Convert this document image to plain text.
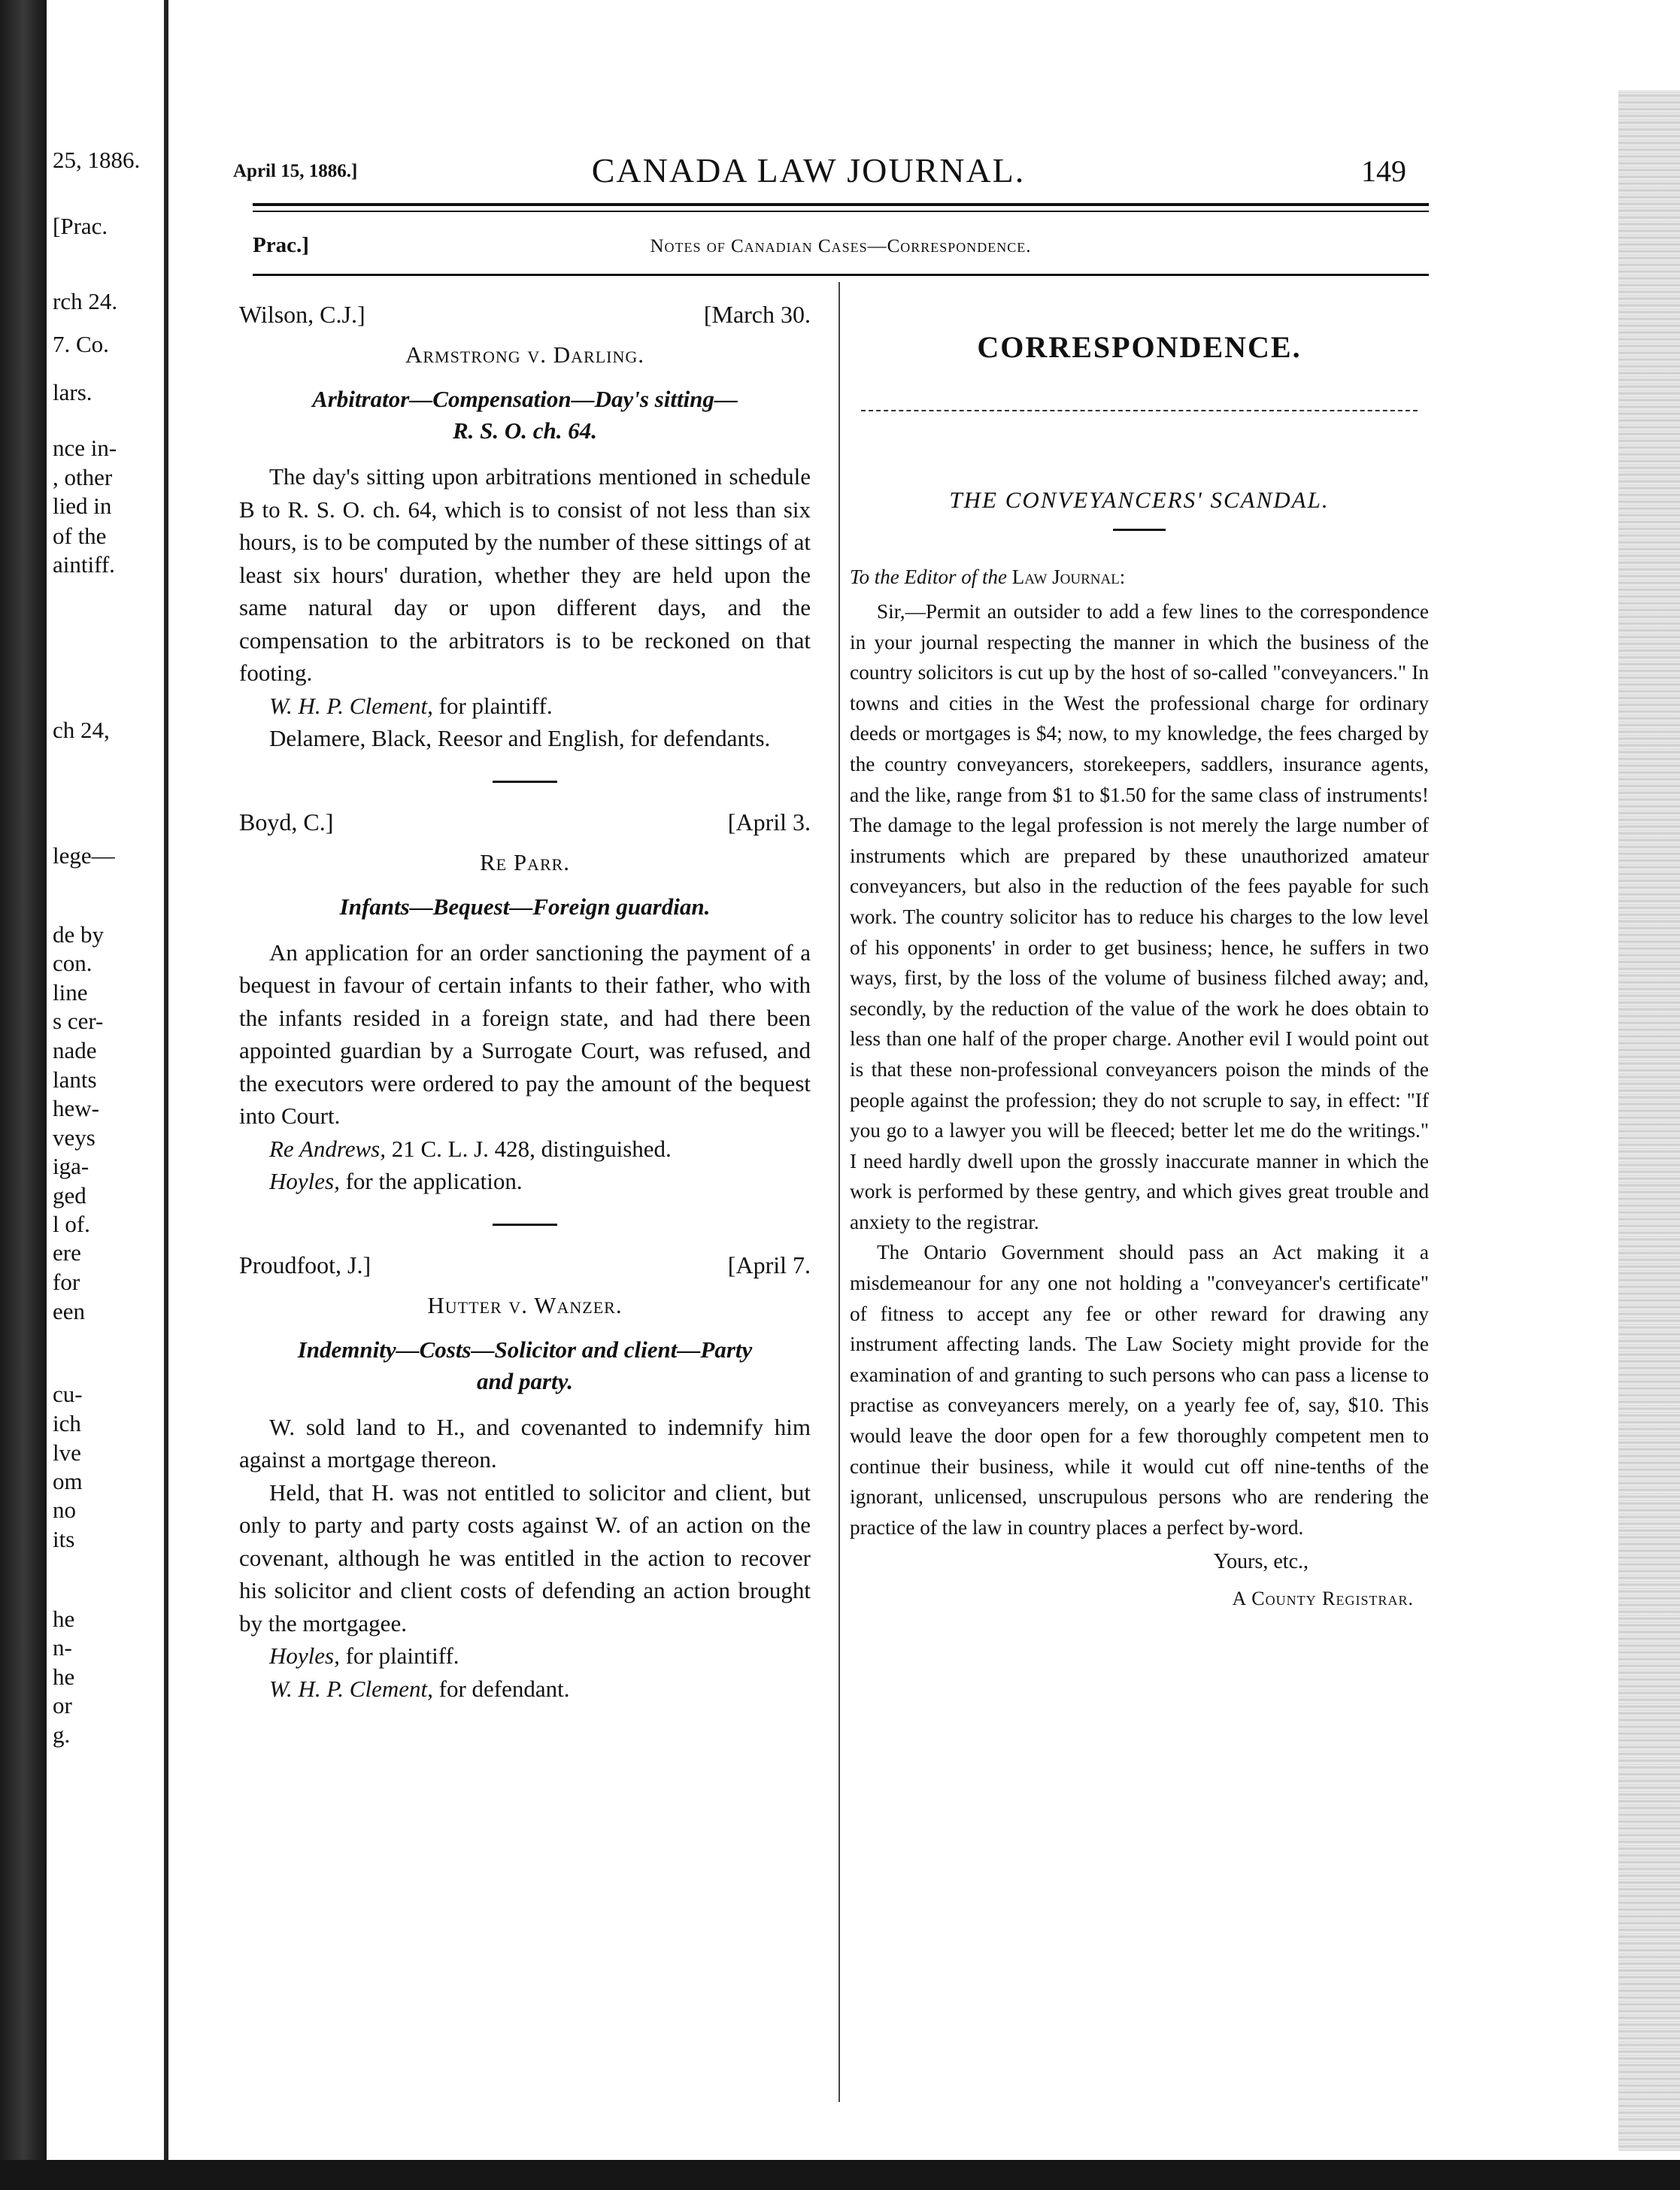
25, 1886.
[Prac.
rch 24.
7. Co.
lars.
nce in-
, other
lied in
of the
aintiff.
ch 24,
lege—
de by
con.
line
s cer-
nade
lants
hew-
veys
iga-
ged
l of.
ere
for
een
cu-
ich
lve
om
no
its
he
n-
he
or
g.
April 15, 1886.]	CANADA LAW JOURNAL.	149
Prac.]	Notes of Canadian Cases—Correspondence.
Wilson, C.J.]	[March 30.
Armstrong v. Darling.
Arbitrator—Compensation—Day's sitting—
R. S. O. ch. 64.

The day's sitting upon arbitrations mentioned in schedule B to R. S. O. ch. 64, which is to consist of not less than six hours, is to be computed by the number of these sittings of at least six hours' duration, whether they are held upon the same natural day or upon different days, and the compensation to the arbitrators is to be reckoned on that footing.

W. H. P. Clement, for plaintiff.

Delamere, Black, Reesor and English, for defendants.

Boyd, C.]	[April 3.
Re Parr.
Infants—Bequest—Foreign guardian.

An application for an order sanctioning the payment of a bequest in favour of certain infants to their father, who with the infants resided in a foreign state, and had there been appointed guardian by a Surrogate Court, was refused, and the executors were ordered to pay the amount of the bequest into Court.

Re Andrews, 21 C. L. J. 428, distinguished.

Hoyles, for the application.

Proudfoot, J.]	[April 7.
Hutter v. Wanzer.
Indemnity—Costs—Solicitor and client—Party
and party.

W. sold land to H., and covenanted to indemnify him against a mortgage thereon.

Held, that H. was not entitled to solicitor and client, but only to party and party costs against W. of an action on the covenant, although he was entitled in the action to recover his solicitor and client costs of defending an action brought by the mortgagee.

Hoyles, for plaintiff.

W. H. P. Clement, for defendant.

CORRESPONDENCE.
THE CONVEYANCERS' SCANDAL.
To the Editor of the Law Journal:

Sir,—Permit an outsider to add a few lines to the correspondence in your journal respecting the manner in which the business of the country solicitors is cut up by the host of so-called "conveyancers." In towns and cities in the West the professional charge for ordinary deeds or mortgages is $4; now, to my knowledge, the fees charged by the country conveyancers, storekeepers, saddlers, insurance agents, and the like, range from $1 to $1.50 for the same class of instruments! The damage to the legal profession is not merely the large number of instruments which are prepared by these unauthorized amateur conveyancers, but also in the reduction of the fees payable for such work. The country solicitor has to reduce his charges to the low level of his opponents' in order to get business; hence, he suffers in two ways, first, by the loss of the volume of business filched away; and, secondly, by the reduction of the value of the work he does obtain to less than one half of the proper charge. Another evil I would point out is that these non-professional conveyancers poison the minds of the people against the profession; they do not scruple to say, in effect: "If you go to a lawyer you will be fleeced; better let me do the writings." I need hardly dwell upon the grossly inaccurate manner in which the work is performed by these gentry, and which gives great trouble and anxiety to the registrar.

The Ontario Government should pass an Act making it a misdemeanour for any one not holding a "conveyancer's certificate" of fitness to accept any fee or other reward for drawing any instrument affecting lands. The Law Society might provide for the examination of and granting to such persons who can pass a license to practise as conveyancers merely, on a yearly fee of, say, $10. This would leave the door open for a few thoroughly competent men to continue their business, while it would cut off nine-tenths of the ignorant, unlicensed, unscrupulous persons who are rendering the practice of the law in country places a perfect by-word.

Yours, etc.,
A County Registrar.
